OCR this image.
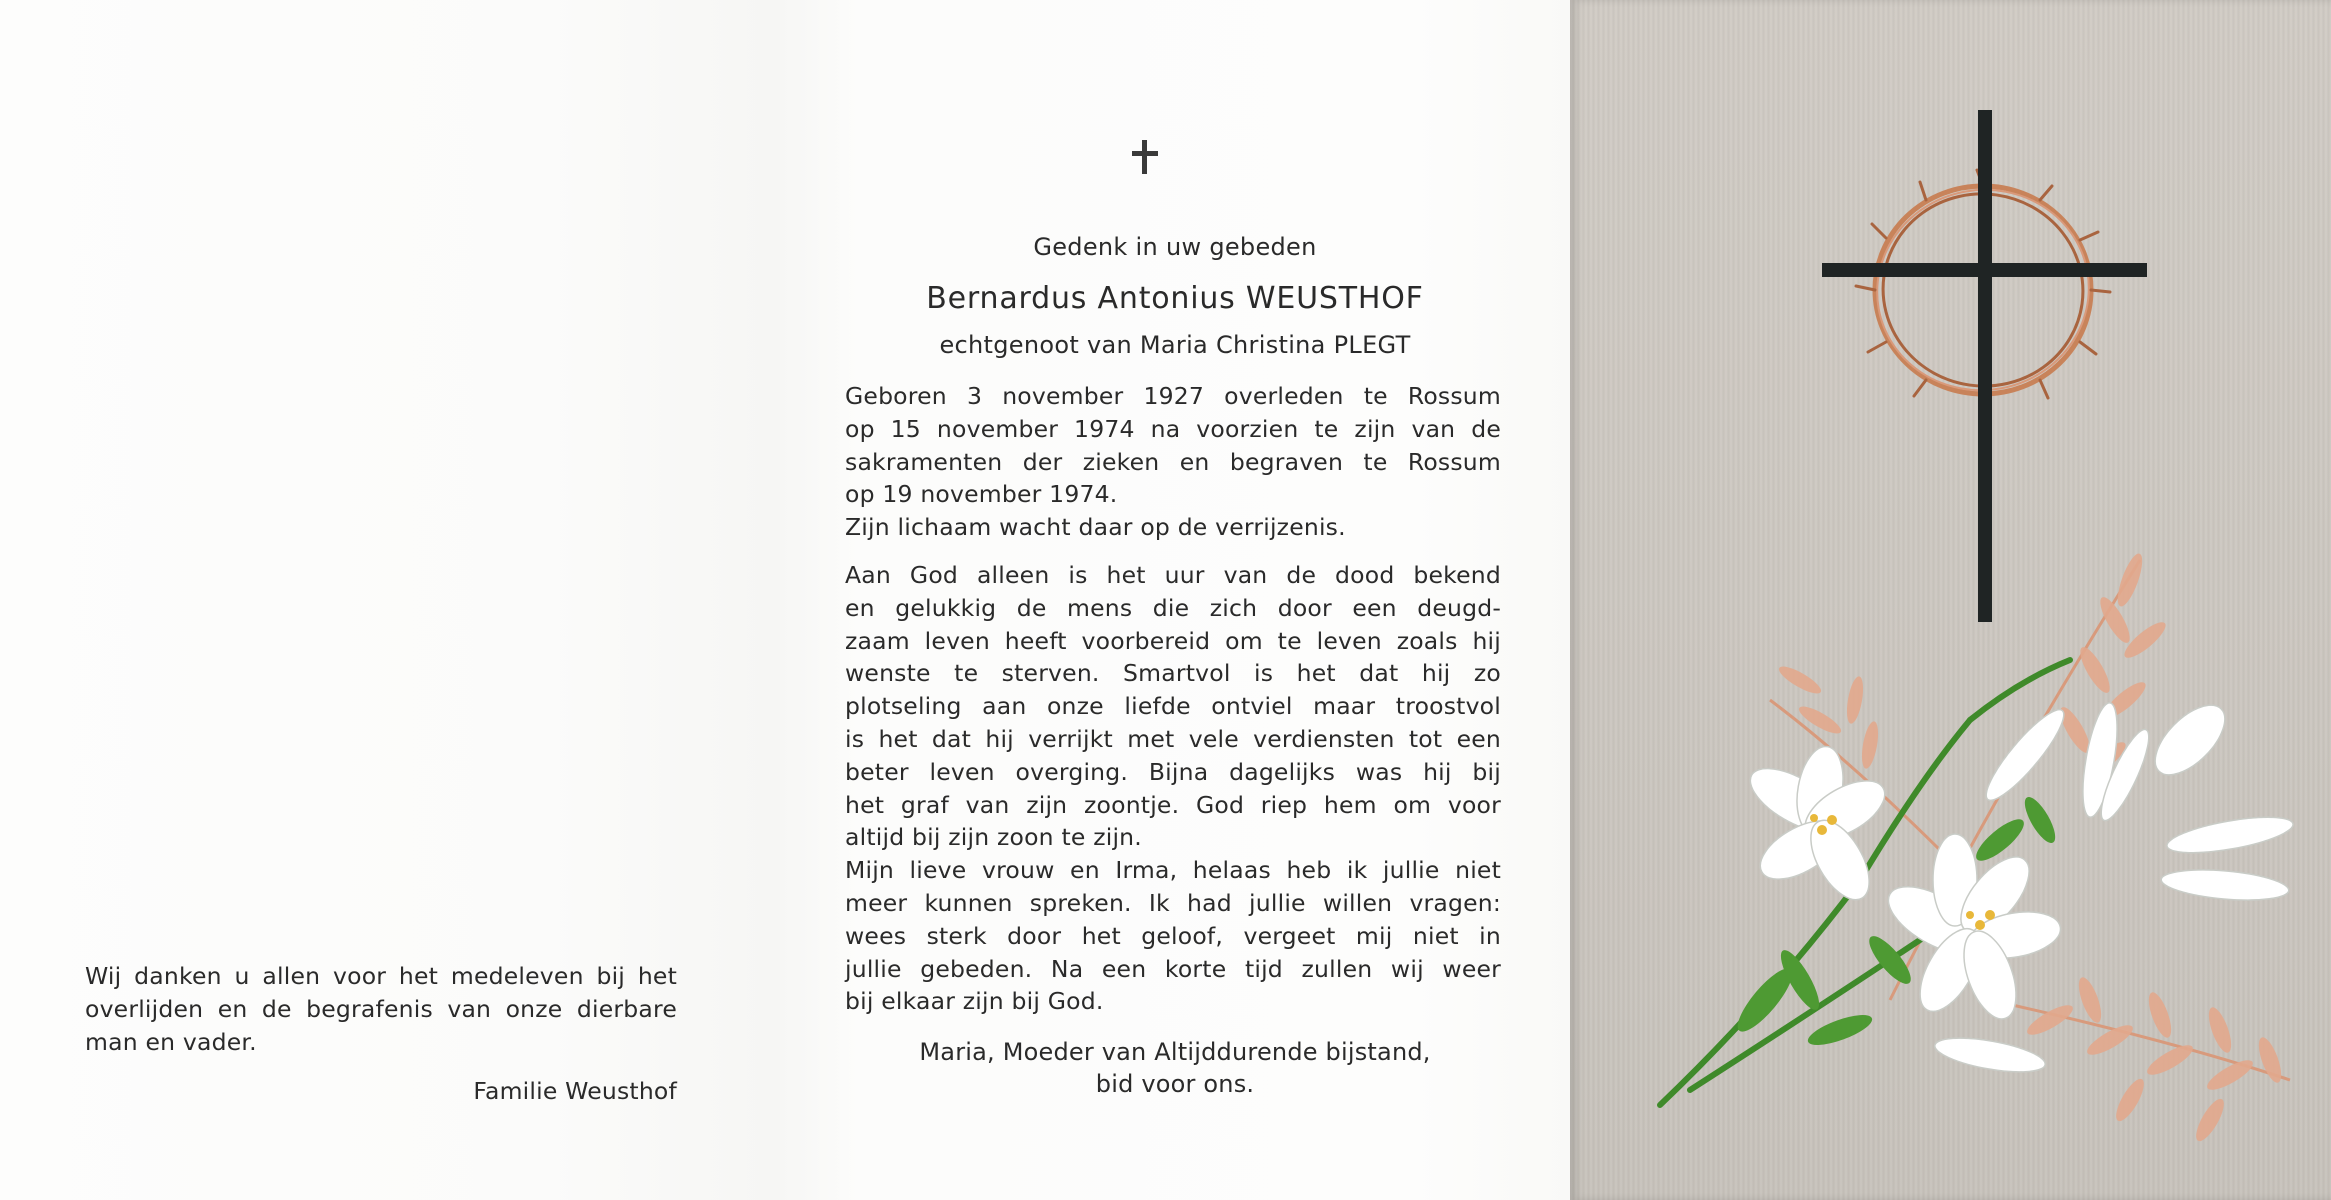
Wij danken u allen voor het medeleven bij het
overlijden en de begrafenis van onze dierbare
man en vader.
Familie Weusthof
Gedenk in uw gebeden
Bernardus Antonius WEUSTHOF
echtgenoot van Maria Christina PLEGT
Geboren 3 november 1927 overleden te Rossum
op 15 november 1974 na voorzien te zijn van de
sakramenten der zieken en begraven te Rossum
op 19 november 1974.
Zijn lichaam wacht daar op de verrijzenis.
Aan God alleen is het uur van de dood bekend
en gelukkig de mens die zich door een deugd-
zaam leven heeft voorbereid om te leven zoals hij
wenste te sterven. Smartvol is het dat hij zo
plotseling aan onze liefde ontviel maar troostvol
is het dat hij verrijkt met vele verdiensten tot een
beter leven overging. Bijna dagelijks was hij bij
het graf van zijn zoontje. God riep hem om voor
altijd bij zijn zoon te zijn.
Mijn lieve vrouw en Irma, helaas heb ik jullie niet
meer kunnen spreken. Ik had jullie willen vragen:
wees sterk door het geloof, vergeet mij niet in
jullie gebeden. Na een korte tijd zullen wij weer
bij elkaar zijn bij God.
Maria, Moeder van Altijddurende bijstand,
bid voor ons.
